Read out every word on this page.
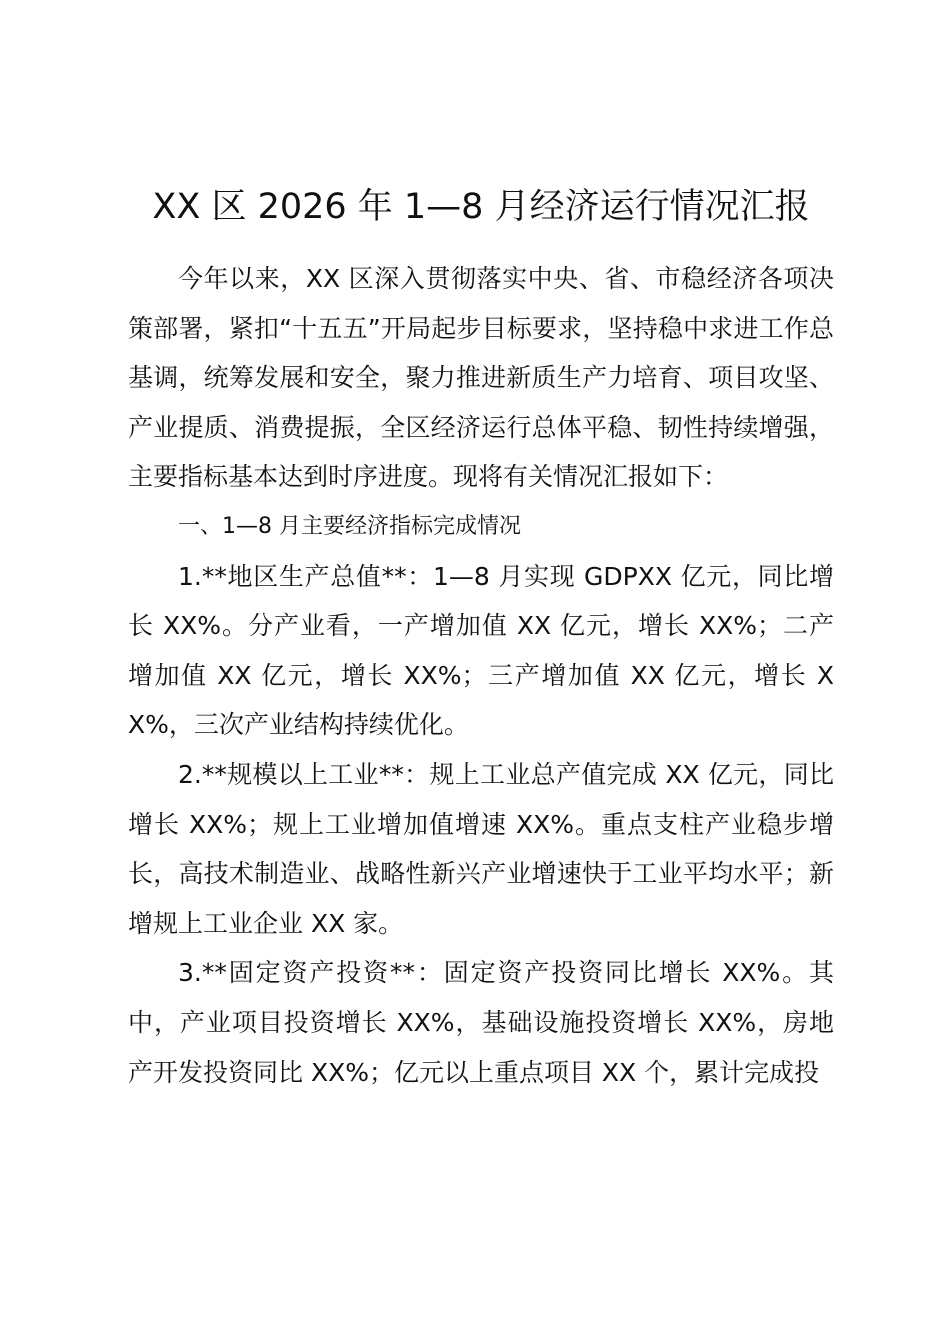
XX 区 2026 年 1—8 月经济运行情况汇报

今年以来，XX 区深入贯彻落实中央、省、市稳经济各项决策部署，紧扣“十五五”开局起步目标要求，坚持稳中求进工作总基调，统筹发展和安全，聚力推进新质生产力培育、项目攻坚、产业提质、消费提振，全区经济运行总体平稳、韧性持续增强，主要指标基本达到时序进度。现将有关情况汇报如下：

一、1—8 月主要经济指标完成情况

1.**地区生产总值**：1—8 月实现 GDPXX 亿元，同比增长 XX%。分产业看，一产增加值 XX 亿元，增长 XX%；二产增加值 XX 亿元，增长 XX%；三产增加值 XX 亿元，增长 XX%，三次产业结构持续优化。

2.**规模以上工业**：规上工业总产值完成 XX 亿元，同比增长 XX%；规上工业增加值增速 XX%。重点支柱产业稳步增长，高技术制造业、战略性新兴产业增速快于工业平均水平；新增规上工业企业 XX 家。

3.**固定资产投资**：固定资产投资同比增长 XX%。其中，产业项目投资增长 XX%，基础设施投资增长 XX%，房地产开发投资同比 XX%；亿元以上重点项目 XX 个，累计完成投
